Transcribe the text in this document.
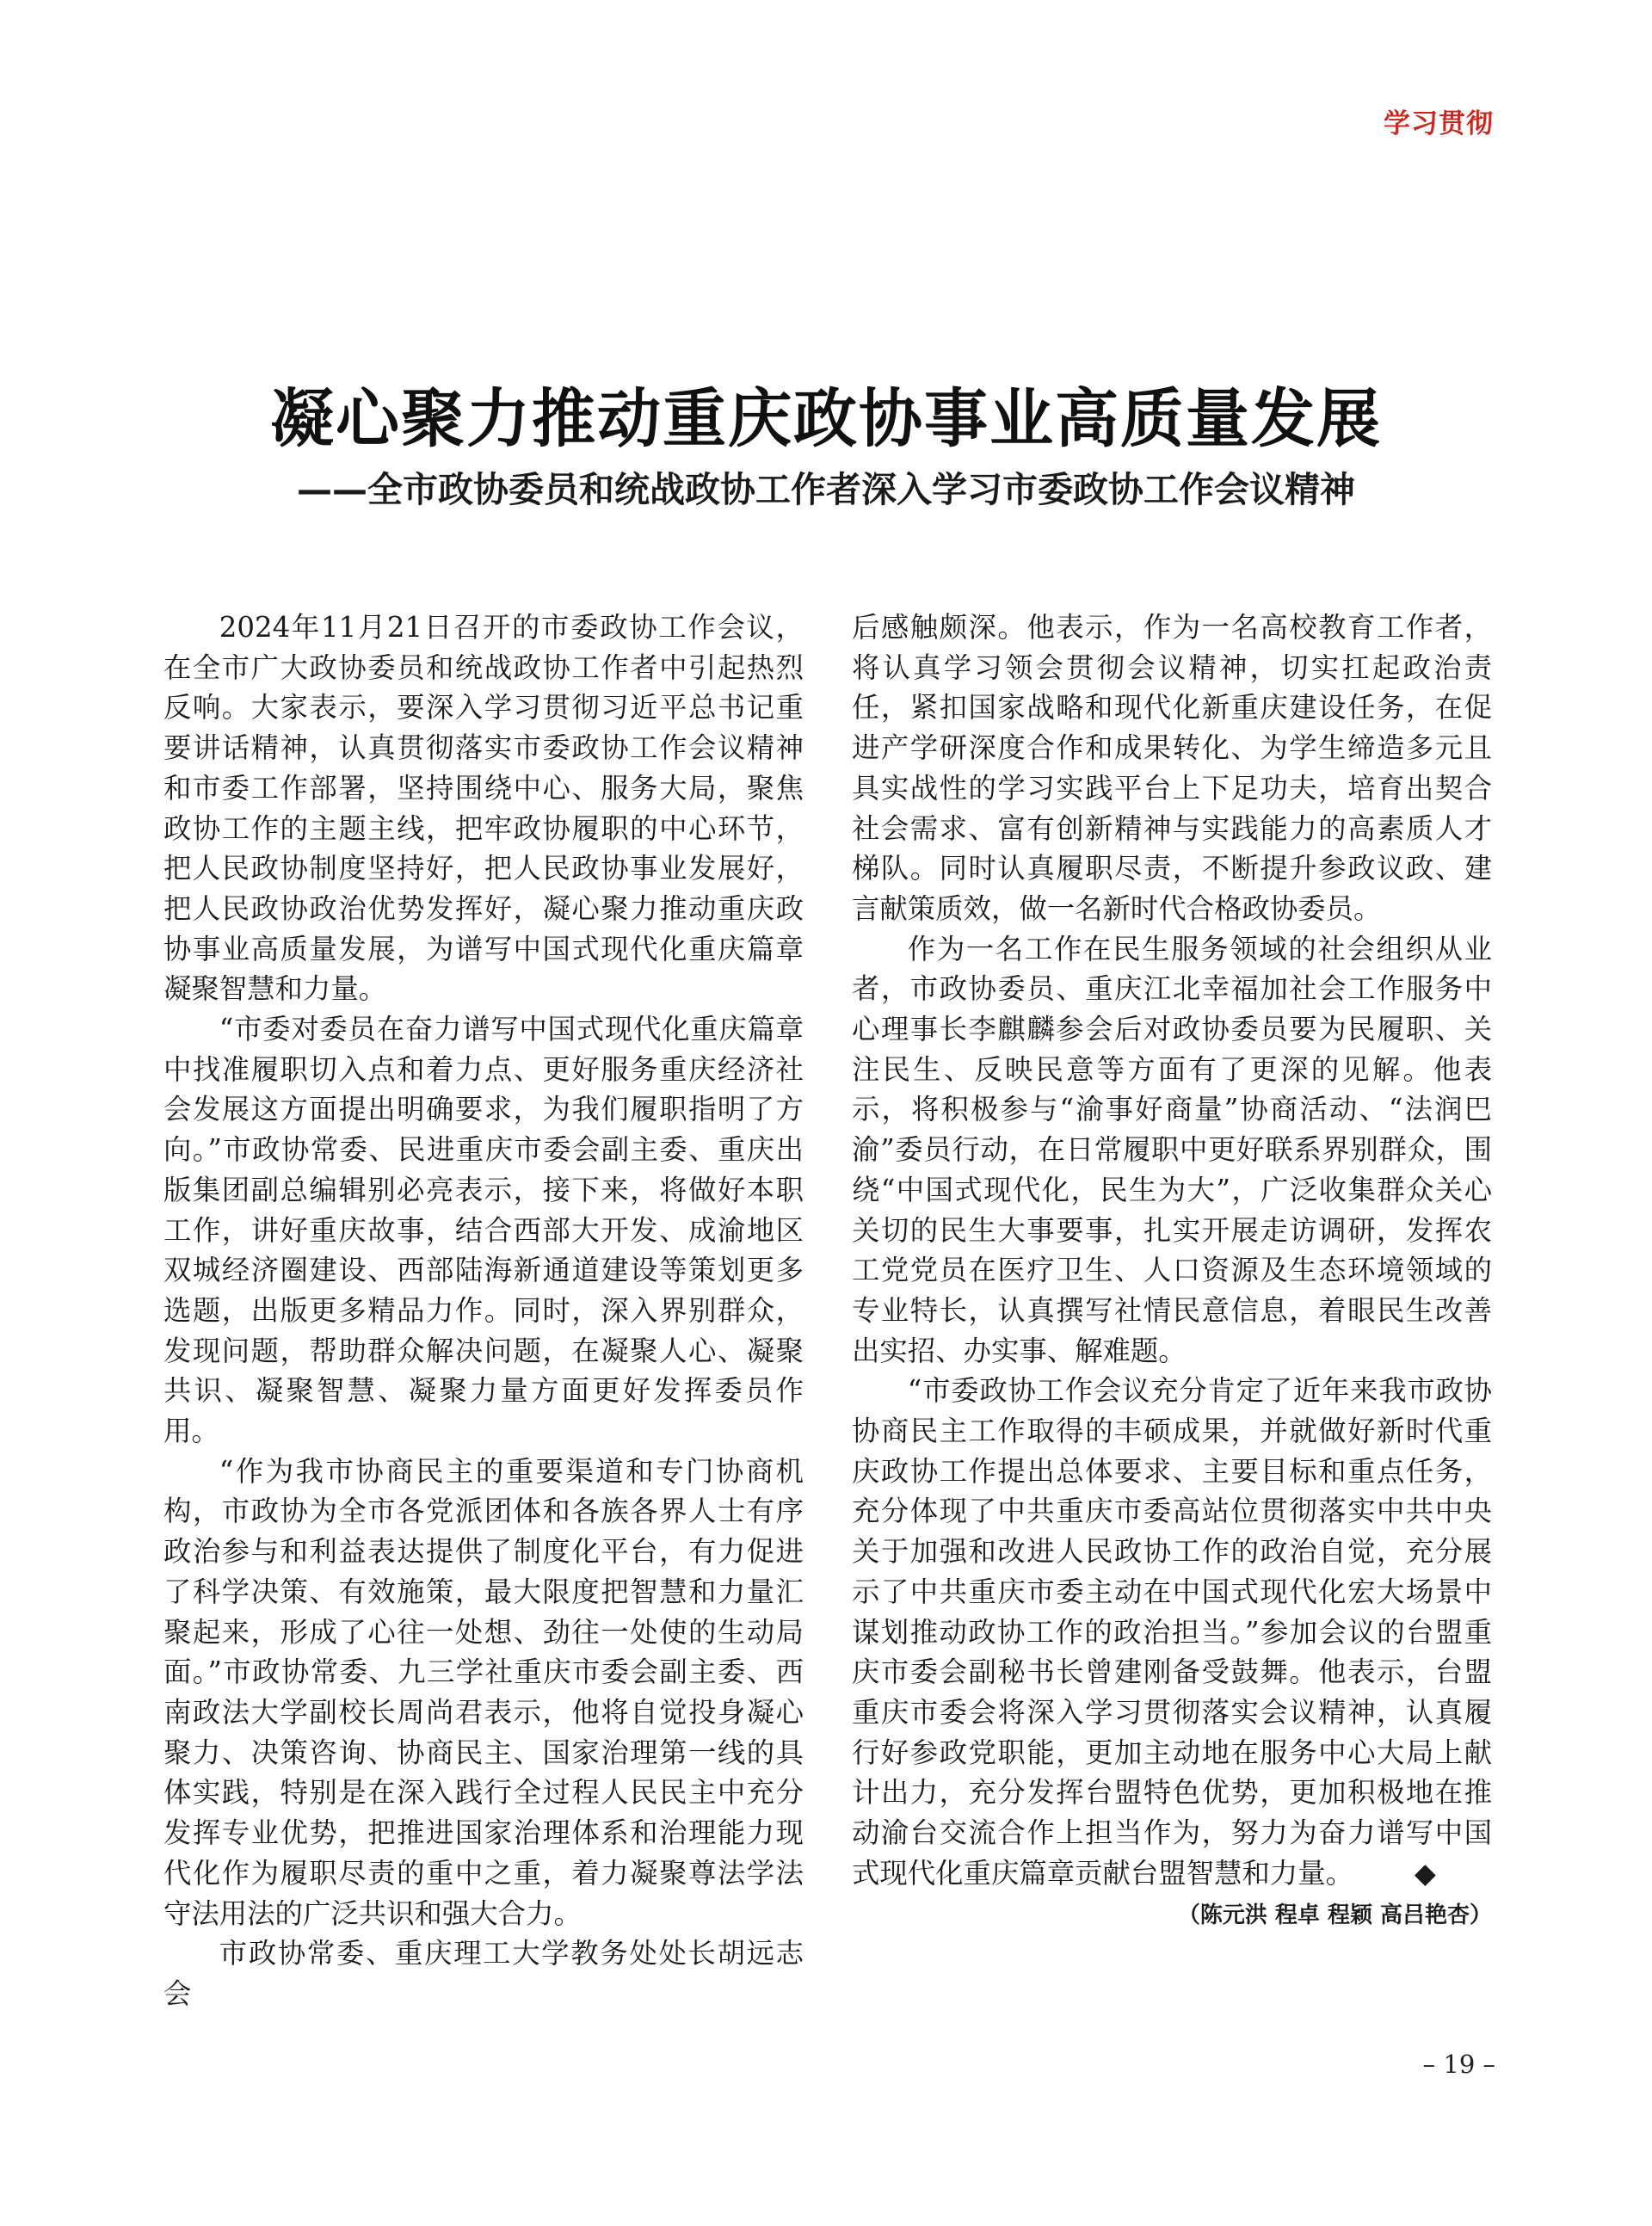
学习贯彻
凝心聚力推动重庆政协事业高质量发展
——全市政协委员和统战政协工作者深入学习市委政协工作会议精神

2024年11月21日召开的市委政协工作会议，在全市广大政协委员和统战政协工作者中引起热烈反响。大家表示，要深入学习贯彻习近平总书记重要讲话精神，认真贯彻落实市委政协工作会议精神和市委工作部署，坚持围绕中心、服务大局，聚焦政协工作的主题主线，把牢政协履职的中心环节，把人民政协制度坚持好，把人民政协事业发展好，把人民政协政治优势发挥好，凝心聚力推动重庆政协事业高质量发展，为谱写中国式现代化重庆篇章凝聚智慧和力量。

“市委对委员在奋力谱写中国式现代化重庆篇章中找准履职切入点和着力点、更好服务重庆经济社会发展这方面提出明确要求，为我们履职指明了方向。”市政协常委、民进重庆市委会副主委、重庆出版集团副总编辑别必亮表示，接下来，将做好本职工作，讲好重庆故事，结合西部大开发、成渝地区双城经济圈建设、西部陆海新通道建设等策划更多选题，出版更多精品力作。同时，深入界别群众，发现问题，帮助群众解决问题，在凝聚人心、凝聚共识、凝聚智慧、凝聚力量方面更好发挥委员作用。

“作为我市协商民主的重要渠道和专门协商机构，市政协为全市各党派团体和各族各界人士有序政治参与和利益表达提供了制度化平台，有力促进了科学决策、有效施策，最大限度把智慧和力量汇聚起来，形成了心往一处想、劲往一处使的生动局面。”市政协常委、九三学社重庆市委会副主委、西南政法大学副校长周尚君表示，他将自觉投身凝心聚力、决策咨询、协商民主、国家治理第一线的具体实践，特别是在深入践行全过程人民民主中充分发挥专业优势，把推进国家治理体系和治理能力现代化作为履职尽责的重中之重，着力凝聚尊法学法守法用法的广泛共识和强大合力。

市政协常委、重庆理工大学教务处处长胡远志会

后感触颇深。他表示，作为一名高校教育工作者，将认真学习领会贯彻会议精神，切实扛起政治责任，紧扣国家战略和现代化新重庆建设任务，在促进产学研深度合作和成果转化、为学生缔造多元且具实战性的学习实践平台上下足功夫，培育出契合社会需求、富有创新精神与实践能力的高素质人才梯队。同时认真履职尽责，不断提升参政议政、建言献策质效，做一名新时代合格政协委员。

作为一名工作在民生服务领域的社会组织从业者，市政协委员、重庆江北幸福加社会工作服务中心理事长李麒麟参会后对政协委员要为民履职、关注民生、反映民意等方面有了更深的见解。他表示，将积极参与“渝事好商量”协商活动、“法润巴渝”委员行动，在日常履职中更好联系界别群众，围绕“中国式现代化，民生为大”，广泛收集群众关心关切的民生大事要事，扎实开展走访调研，发挥农工党党员在医疗卫生、人口资源及生态环境领域的专业特长，认真撰写社情民意信息，着眼民生改善出实招、办实事、解难题。

“市委政协工作会议充分肯定了近年来我市政协协商民主工作取得的丰硕成果，并就做好新时代重庆政协工作提出总体要求、主要目标和重点任务，充分体现了中共重庆市委高站位贯彻落实中共中央关于加强和改进人民政协工作的政治自觉，充分展示了中共重庆市委主动在中国式现代化宏大场景中谋划推动政协工作的政治担当。”参加会议的台盟重庆市委会副秘书长曾建刚备受鼓舞。他表示，台盟重庆市委会将深入学习贯彻落实会议精神，认真履行好参政党职能，更加主动地在服务中心大局上献计出力，充分发挥台盟特色优势，更加积极地在推动渝台交流合作上担当作为，努力为奋力谱写中国式现代化重庆篇章贡献台盟智慧和力量。 ◆

（陈元洪 程卓 程颖 高吕艳杏）
– 19 –
